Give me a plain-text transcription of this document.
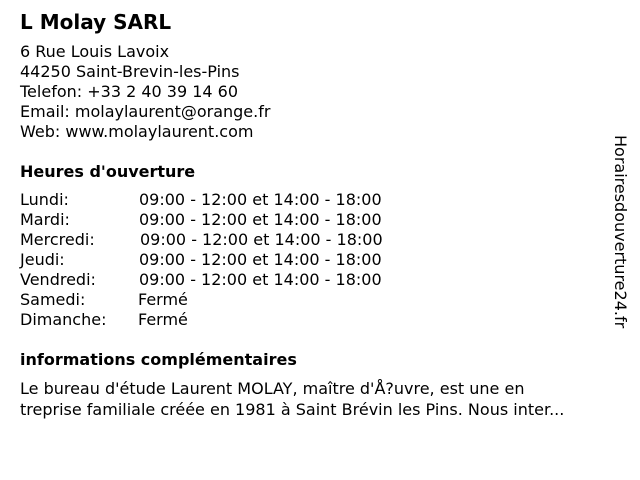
L Molay SARL
6 Rue Louis Lavoix
44250 Saint-Brevin-les-Pins
Telefon: +33 2 40 39 14 60
Email: molaylaurent@orange.fr
Web: www.molaylaurent.com
Heures d'ouverture
Lundi:	09:00 - 12:00 et 14:00 - 18:00
Mardi:	09:00 - 12:00 et 14:00 - 18:00
Mercredi:	09:00 - 12:00 et 14:00 - 18:00
Jeudi:	09:00 - 12:00 et 14:00 - 18:00
Vendredi:	09:00 - 12:00 et 14:00 - 18:00
Samedi:	Fermé
Dimanche: Fermé
informations complémentaires
Le bureau d'étude Laurent MOLAY, maître d'Å?uvre, est une en
treprise familiale créée en 1981 à Saint Brévin les Pins. Nous inter...
Horairesdouverture24.fr
